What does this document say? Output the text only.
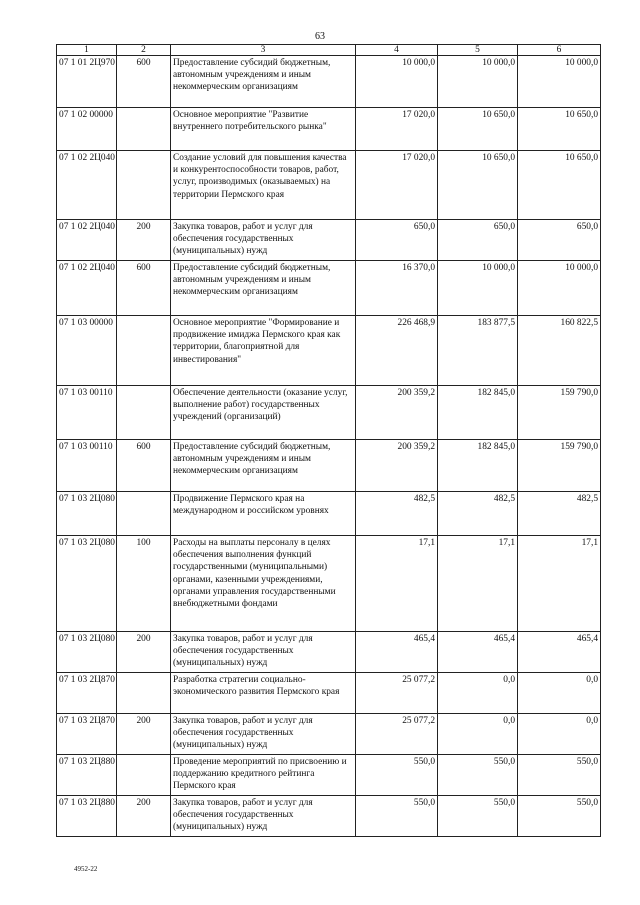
63
1	2	3	4	5	6
07 1 01 2Ц970	600	Предоставление субсидий бюджетным, автономным учреждениям и иным некоммерческим организациям	10 000,0	10 000,0	10 000,0
07 1 02 00000		Основное мероприятие "Развитие внутреннего потребительского рынка"	17 020,0	10 650,0	10 650,0
07 1 02 2Ц040		Создание условий для повышения качества и конкурентоспособности товаров, работ, услуг, производимых (оказываемых) на территории Пермского края	17 020,0	10 650,0	10 650,0
07 1 02 2Ц040	200	Закупка товаров, работ и услуг для обеспечения государственных (муниципальных) нужд	650,0	650,0	650,0
07 1 02 2Ц040	600	Предоставление субсидий бюджетным, автономным учреждениям и иным некоммерческим организациям	16 370,0	10 000,0	10 000,0
07 1 03 00000		Основное мероприятие "Формирование и продвижение имиджа Пермского края как территории, благоприятной для инвестирования"	226 468,9	183 877,5	160 822,5
07 1 03 00110		Обеспечение деятельности (оказание услуг, выполнение работ) государственных учреждений (организаций)	200 359,2	182 845,0	159 790,0
07 1 03 00110	600	Предоставление субсидий бюджетным, автономным учреждениям и иным некоммерческим организациям	200 359,2	182 845,0	159 790,0
07 1 03 2Ц080		Продвижение Пермского края на международном и российском уровнях	482,5	482,5	482,5
07 1 03 2Ц080	100	Расходы на выплаты персоналу в целях обеспечения выполнения функций государственными (муниципальными) органами, казенными учреждениями, органами управления государственными внебюджетными фондами	17,1	17,1	17,1
07 1 03 2Ц080	200	Закупка товаров, работ и услуг для обеспечения государственных (муниципальных) нужд	465,4	465,4	465,4
07 1 03 2Ц870		Разработка стратегии социально-экономического развития Пермского края	25 077,2	0,0	0,0
07 1 03 2Ц870	200	Закупка товаров, работ и услуг для обеспечения государственных (муниципальных) нужд	25 077,2	0,0	0,0
07 1 03 2Ц880		Проведение мероприятий по присвоению и поддержанию кредитного рейтинга Пермского края	550,0	550,0	550,0
07 1 03 2Ц880	200	Закупка товаров, работ и услуг для обеспечения государственных (муниципальных) нужд	550,0	550,0	550,0
4952-22
